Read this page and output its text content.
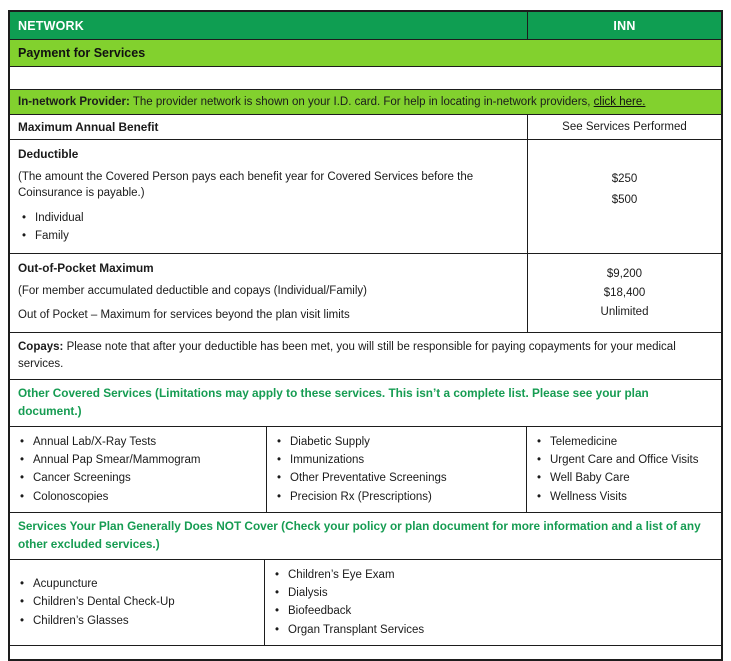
NETWORK	INN
Payment for Services
In-network Provider: The provider network is shown on your I.D. card. For help in locating in-network providers, click here.
Maximum Annual Benefit	See Services Performed
Deductible
(The amount the Covered Person pays each benefit year for Covered Services before the Coinsurance is payable.)
• Individual
• Family
$250
$500
Out-of-Pocket Maximum
(For member accumulated deductible and copays (Individual/Family)
Out of Pocket – Maximum for services beyond the plan visit limits
$9,200
$18,400
Unlimited
Copays: Please note that after your deductible has been met, you will still be responsible for paying copayments for your medical services.
Other Covered Services (Limitations may apply to these services. This isn’t a complete list. Please see your plan document.)
• Annual Lab/X-Ray Tests
• Annual Pap Smear/Mammogram
• Cancer Screenings
• Colonoscopies
• Diabetic Supply
• Immunizations
• Other Preventative Screenings
• Precision Rx (Prescriptions)
• Telemedicine
• Urgent Care and Office Visits
• Well Baby Care
• Wellness Visits
Services Your Plan Generally Does NOT Cover (Check your policy or plan document for more information and a list of any other excluded services.)
• Acupuncture
• Children’s Dental Check-Up
• Children’s Glasses
• Children’s Eye Exam
• Dialysis
• Biofeedback
• Organ Transplant Services
